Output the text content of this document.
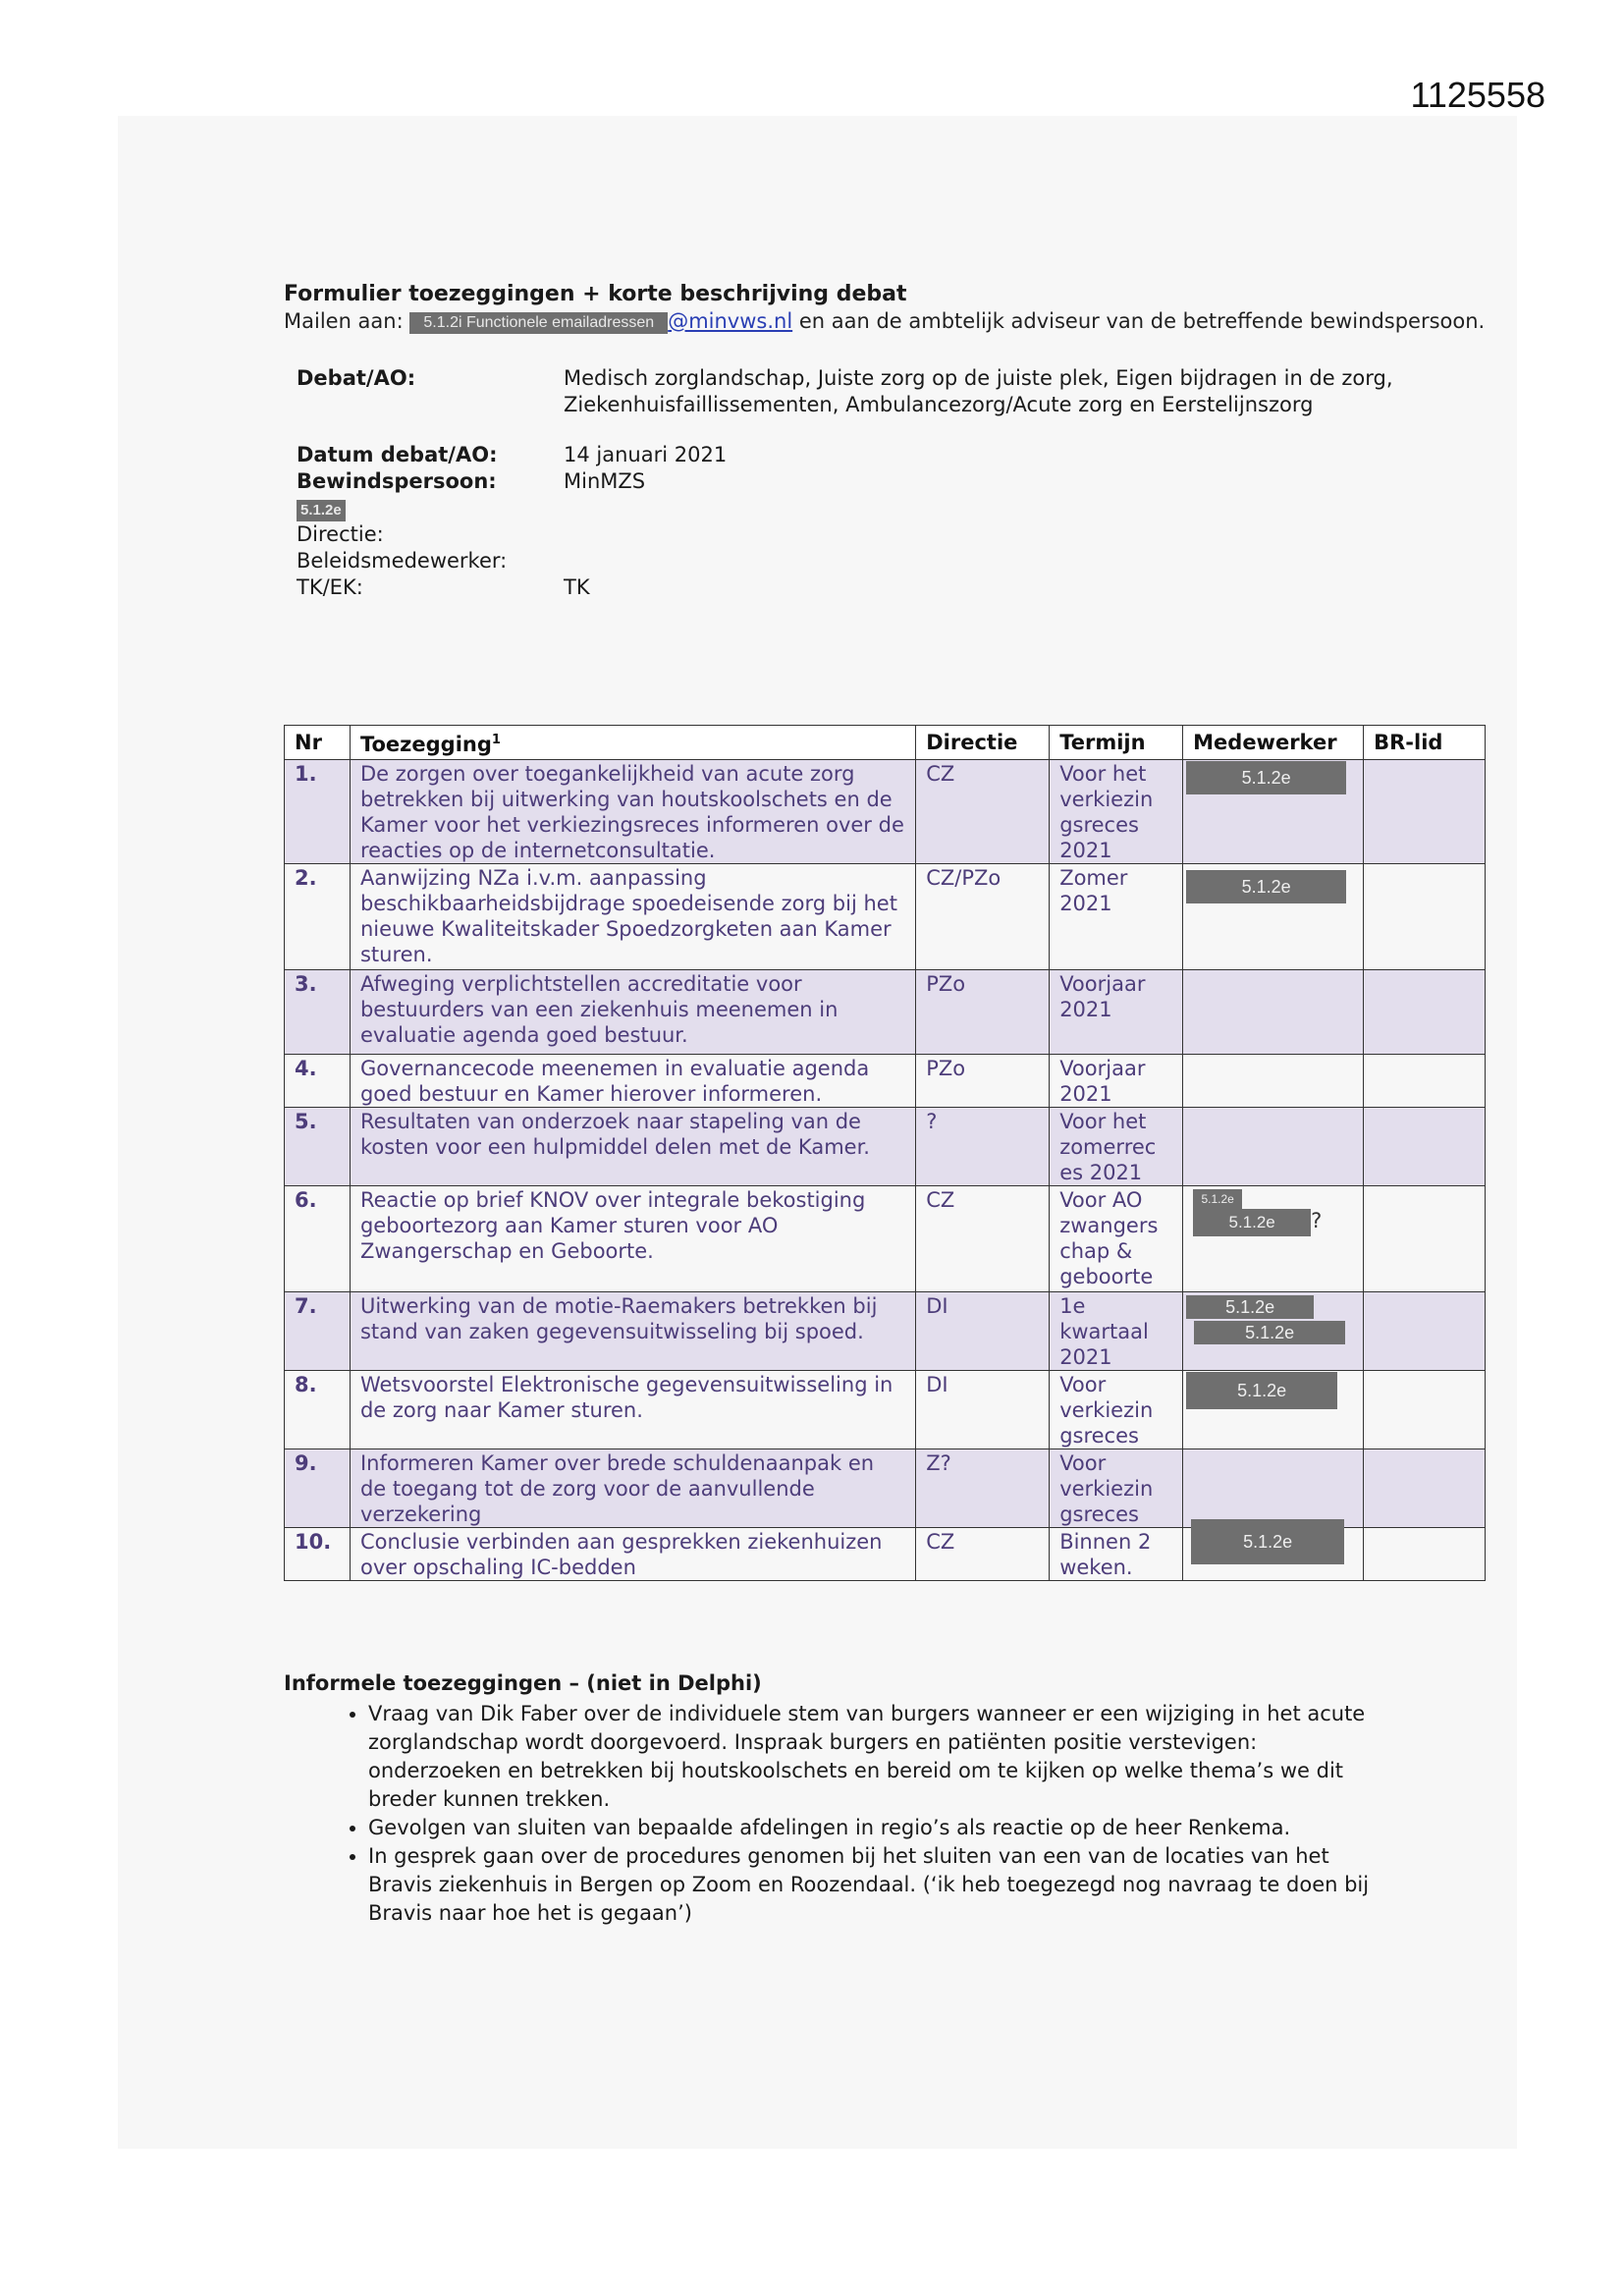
1125558
Formulier toezeggingen + korte beschrijving debat
Mailen aan: 5.1.2i Functionele emailadressen @minvws.nl en aan de ambtelijk adviseur van de betreffende bewindspersoon.
Debat/AO:	Medisch zorglandschap, Juiste zorg op de juiste plek, Eigen bijdragen in de zorg, Ziekenhuisfaillissementen, Ambulancezorg/Acute zorg en Eerstelijnszorg
Datum debat/AO:	14 januari 2021
Bewindspersoon:	MinMZS
5.1.2e
Directie:
Beleidsmedewerker:
TK/EK:	TK
Nr	Toezegging$^1$	Directie	Termijn	Medewerker	BR-lid
1.	De zorgen over toegankelijkheid van acute zorg betrekken bij uitwerking van houtskoolschets en de Kamer voor het verkiezingsreces informeren over de reacties op de internetconsultatie.	CZ	Voor het verkiezin gsreces 2021	5.1.2e	
2.	Aanwijzing NZa i.v.m. aanpassing beschikbaarheidsbijdrage spoedeisende zorg bij het nieuwe Kwaliteitskader Spoedzorgketen aan Kamer sturen.	CZ/PZo	Zomer 2021	5.1.2e	
3.	Afweging verplichtstellen accreditatie voor bestuurders van een ziekenhuis meenemen in evaluatie agenda goed bestuur.	PZo	Voorjaar 2021		
4.	Governancecode meenemen in evaluatie agenda goed bestuur en Kamer hierover informeren.	PZo	Voorjaar 2021		
5.	Resultaten van onderzoek naar stapeling van de kosten voor een hulpmiddel delen met de Kamer.	?	Voor het zomerrec es 2021		
6.	Reactie op brief KNOV over integrale bekostiging geboortezorg aan Kamer sturen voor AO Zwangerschap en Geboorte.	CZ	Voor AO zwangers chap & geboorte	5.1.2e
5.1.2e ?	
7.	Uitwerking van de motie-Raemakers betrekken bij stand van zaken gegevensuitwisseling bij spoed.	DI	1e kwartaal 2021	5.1.2e
5.1.2e	
8.	Wetsvoorstel Elektronische gegevensuitwisseling in de zorg naar Kamer sturen.	DI	Voor verkiezin gsreces	5.1.2e	
9.	Informeren Kamer over brede schuldenaanpak en de toegang tot de zorg voor de aanvullende verzekering	Z?	Voor verkiezin gsreces		
10.	Conclusie verbinden aan gesprekken ziekenhuizen over opschaling IC-bedden	CZ	Binnen 2 weken.	5.1.2e	
Informele toezeggingen – (niet in Delphi)
• Vraag van Dik Faber over de individuele stem van burgers wanneer er een wijziging in het acute zorglandschap wordt doorgevoerd. Inspraak burgers en patiënten positie verstevigen: onderzoeken en betrekken bij houtskoolschets en bereid om te kijken op welke thema’s we dit breder kunnen trekken.
• Gevolgen van sluiten van bepaalde afdelingen in regio’s als reactie op de heer Renkema.
• In gesprek gaan over de procedures genomen bij het sluiten van een van de locaties van het Bravis ziekenhuis in Bergen op Zoom en Roozendaal. (‘ik heb toegezegd nog navraag te doen bij Bravis naar hoe het is gegaan’)
